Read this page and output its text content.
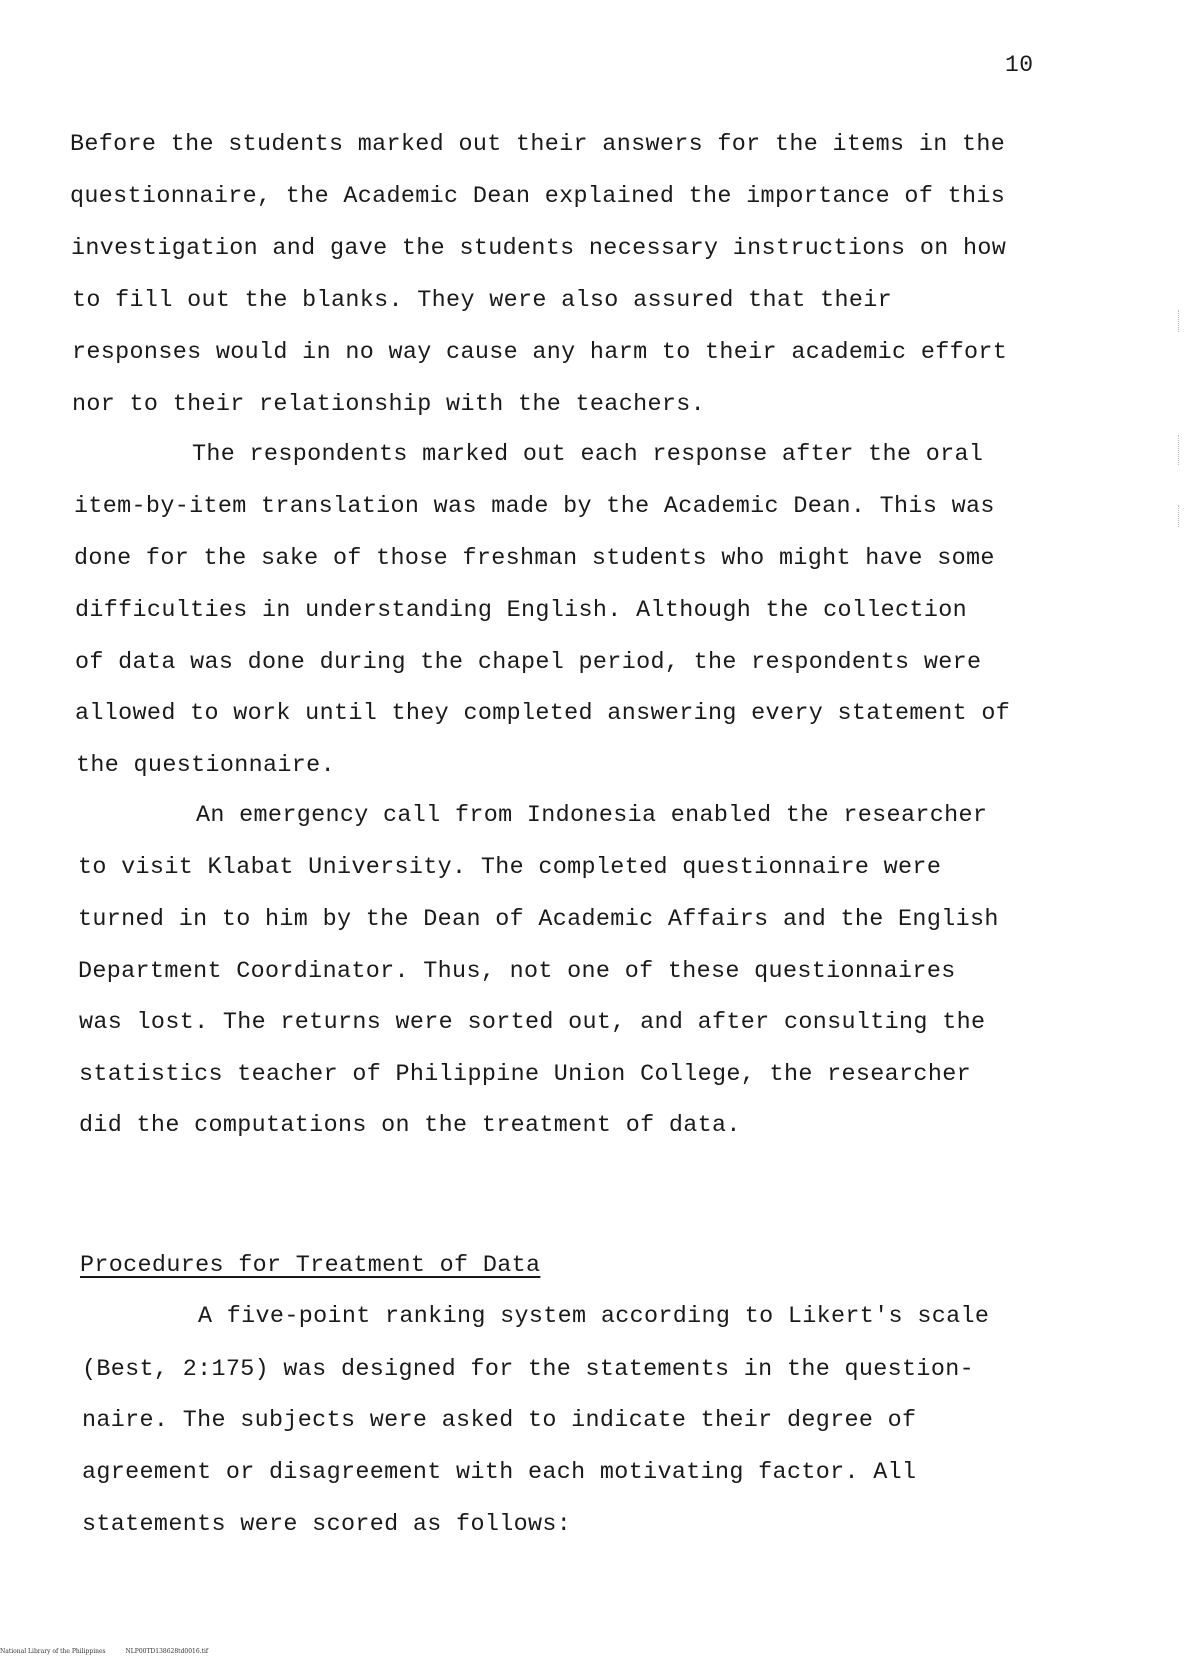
10
Before the students marked out their answers for the items in the
questionnaire, the Academic Dean explained the importance of this
investigation and gave the students necessary instructions on how
to fill out the blanks. They were also assured that their
responses would in no way cause any harm to their academic effort
nor to their relationship with the teachers.
The respondents marked out each response after the oral
item-by-item translation was made by the Academic Dean. This was
done for the sake of those freshman students who might have some
difficulties in understanding English. Although the collection
of data was done during the chapel period, the respondents were
allowed to work until they completed answering every statement of
the questionnaire.
An emergency call from Indonesia enabled the researcher
to visit Klabat University. The completed questionnaire were
turned in to him by the Dean of Academic Affairs and the English
Department Coordinator. Thus, not one of these questionnaires
was lost. The returns were sorted out, and after consulting the
statistics teacher of Philippine Union College, the researcher
did the computations on the treatment of data.
Procedures for Treatment of Data
A five-point ranking system according to Likert's scale
(Best, 2:175) was designed for the statements in the question-
naire. The subjects were asked to indicate their degree of
agreement or disagreement with each motivating factor. All
statements were scored as follows:
National Library of the Philippines	NLP00TD138628td0016.tif
